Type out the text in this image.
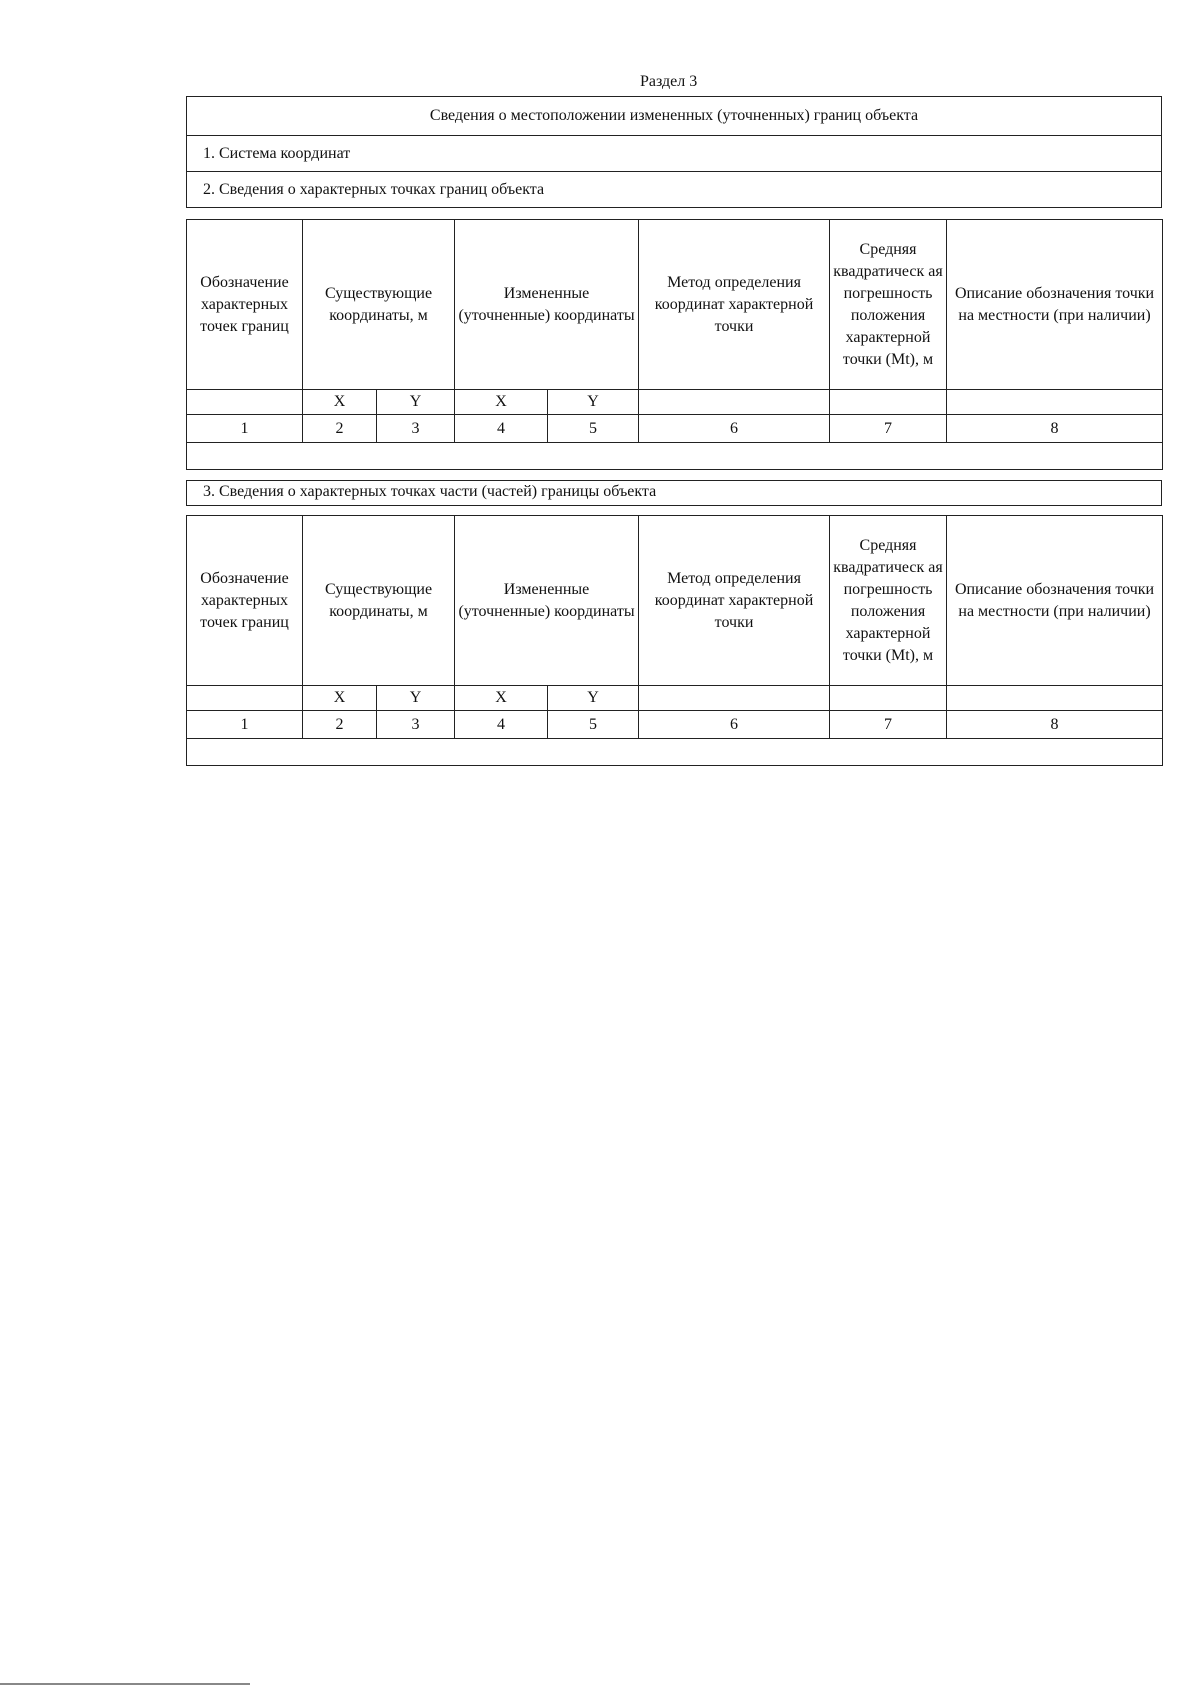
Раздел 3
Сведения о местоположении измененных (уточненных) границ объекта
1. Система координат
2. Сведения о характерных точках границ объекта
Обозначение характерных точек границ	Существующие координаты, м		Измененные (уточненные) координаты		Метод определения координат характерной точки	Средняя квадратическ ая погрешность положения характерной точки (Mt), м	Описание обозначения точки на местности (при наличии)
	X	Y	X	Y			
1	2	3	4	5	6	7	8

3. Сведения о характерных точках части (частей) границы объекта
Обозначение характерных точек границ	Существующие координаты, м		Измененные (уточненные) координаты		Метод определения координат характерной точки	Средняя квадратическ ая погрешность положения характерной точки (Mt), м	Описание обозначения точки на местности (при наличии)
	X	Y	X	Y			
1	2	3	4	5	6	7	8
